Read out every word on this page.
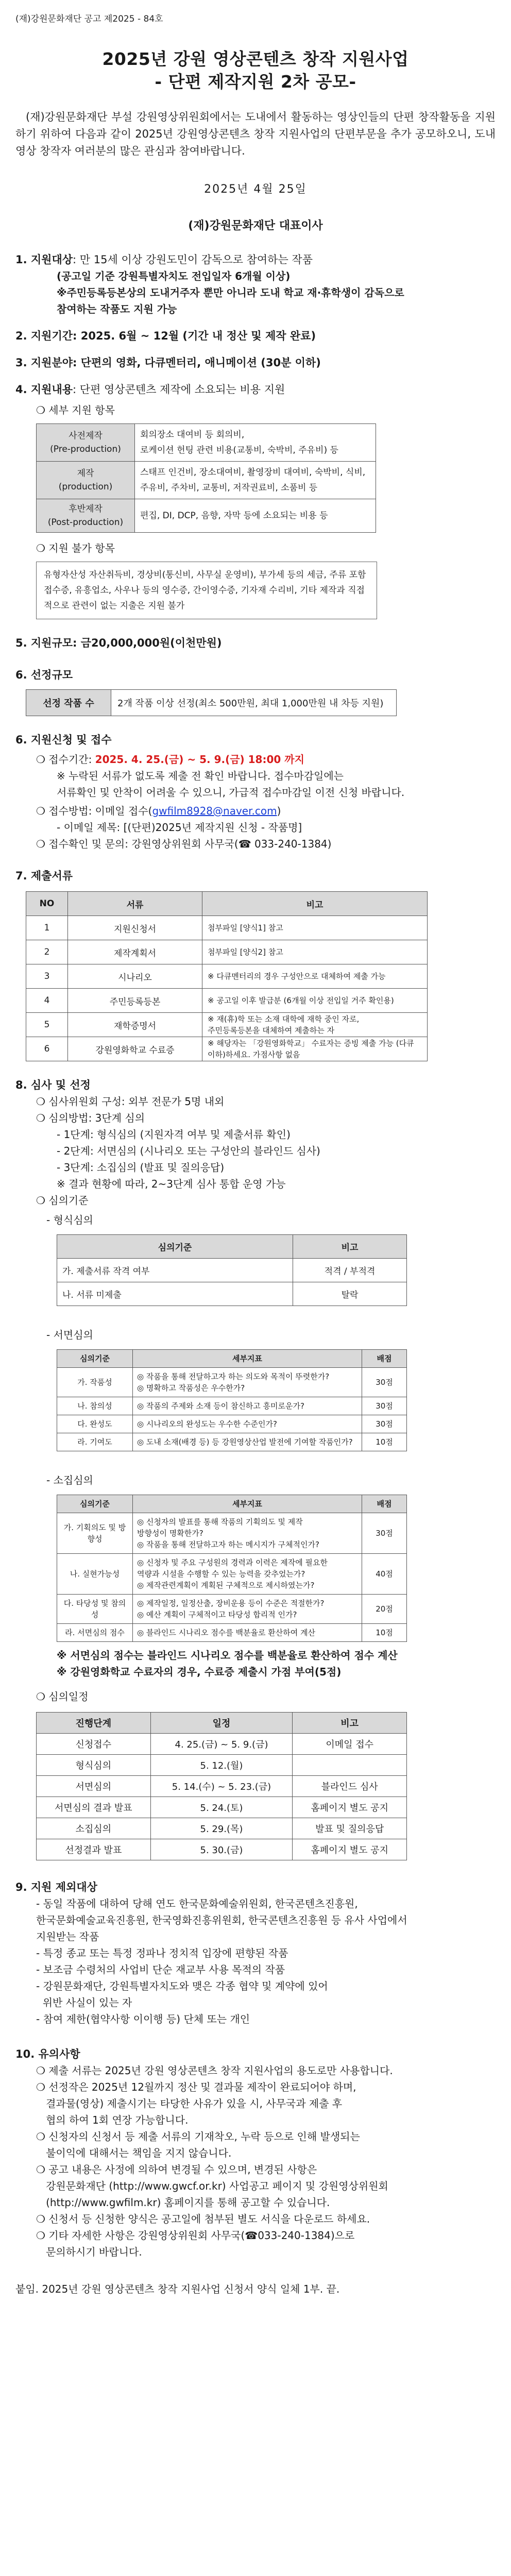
(재)강원문화재단 공고 제2025 - 84호
2025년 강원 영상콘텐츠 창작 지원사업
- 단편 제작지원 2차 공모-
(재)강원문화재단 부설 강원영상위원회에서는 도내에서 활동하는 영상인들의 단편 창작활동을 지원하기 위하여 다음과 같이 2025년 강원영상콘텐츠 창작 지원사업의 단편부문을 추가 공모하오니, 도내 영상 창작자 여러분의 많은 관심과 참여바랍니다.
2025년 4월 25일
(재)강원문화재단 대표이사
1. 지원대상: 만 15세 이상 강원도민이 감독으로 참여하는 작품
(공고일 기준 강원특별자치도 전입일자 6개월 이상)
※주민등록등본상의 도내거주자 뿐만 아니라 도내 학교 재·휴학생이 감독으로
참여하는 작품도 지원 가능
2. 지원기간: 2025. 6월 ~ 12월 (기간 내 정산 및 제작 완료)
3. 지원분야: 단편의 영화, 다큐멘터리, 애니메이션 (30분 이하)
4. 지원내용: 단편 영상콘텐츠 제작에 소요되는 비용 지원
❍ 세부 지원 항목
사전제작
(Pre-production)	회의장소 대여비 등 회의비,
로케이션 헌팅 관련 비용(교통비, 숙박비, 주유비) 등
제작
(production)	스태프 인건비, 장소대여비, 촬영장비 대여비, 숙박비, 식비,
주유비, 주차비, 교통비, 저작권료비, 소품비 등
후반제작
(Post-production)	편집, DI, DCP, 음향, 자막 등에 소요되는 비용 등
❍ 지원 불가 항목
유형자산성 자산취득비, 경상비(통신비, 사무실 운영비), 부가세 등의 세금, 주류 포함 접수증, 유흥업소, 사우나 등의 영수증, 간이영수증, 기자재 수리비, 기타 제작과 직접적으로 관련이 없는 지출은 지원 불가
5. 지원규모: 금20,000,000원(이천만원)
6. 선정규모
선정 작품 수	2개 작품 이상 선정(최소 500만원, 최대 1,000만원 내 차등 지원)
6. 지원신청 및 접수
❍ 접수기간: 2025. 4. 25.(금) ~ 5. 9.(금) 18:00 까지
※ 누락된 서류가 없도록 제출 전 확인 바랍니다. 접수마감일에는
서류확인 및 안착이 어려울 수 있으니, 가급적 접수마감일 이전 신청 바랍니다.
❍ 접수방법: 이메일 접수(gwfilm8928@naver.com)
- 이메일 제목: [(단편)2025년 제작지원 신청 - 작품명]
❍ 접수확인 및 문의: 강원영상위원회 사무국(☎ 033-240-1384)
7. 제출서류
NO	서류	비고
1	지원신청서	첨부파일 [양식1] 참고
2	제작계획서	첨부파일 [양식2] 참고
3	시나리오	※ 다큐멘터리의 경우 구성안으로 대체하여 제출 가능
4	주민등록등본	※ 공고일 이후 발급분 (6개월 이상 전입일 거주 확인용)
5	재학증명서	※ 재(휴)학 또는 소재 대학에 재학 중인 자로,
주민등록등본을 대체하여 제출하는 자
6	강원영화학교 수료증	※ 해당자는 「강원영화학교」 수료자는 증빙 제출 가능 (다큐
이하)하세요. 가점사항 없음
8. 심사 및 선정
❍ 심사위원회 구성: 외부 전문가 5명 내외
❍ 심의방법: 3단계 심의
- 1단계: 형식심의 (지원자격 여부 및 제출서류 확인)
- 2단계: 서면심의 (시나리오 또는 구성안의 블라인드 심사)
- 3단계: 소집심의 (발표 및 질의응답)
※ 결과 현황에 따라, 2~3단계 심사 통합 운영 가능
❍ 심의기준
- 형식심의
심의기준	비고
가. 제출서류 작격 여부	적격 / 부적격
나. 서류 미제출	탈락
- 서면심의
심의기준	세부지표	배점
가. 작품성	◎ 작품을 통해 전달하고자 하는 의도와 목적이 뚜렷한가?
◎ 명확하고 작품성은 우수한가?	30점
나. 참의성	◎ 작품의 주제와 소재 등이 참신하고 흥미로운가?	30점
다. 완성도	◎ 시나리오의 완성도는 우수한 수준인가?	30점
라. 기여도	◎ 도내 소재(배경 등) 등 강원영상산업 발전에 기여할 작품인가?	10점
- 소집심의
심의기준	세부지표	배점
가. 기획의도 및 방향성	◎ 신청자의 발표를 통해 작품의 기획의도 및 제작
방향성이 명확한가?
◎ 작품을 통해 전달하고자 하는 메시지가 구체적인가?	30점
나. 실현가능성	◎ 신청자 및 주요 구성원의 경력과 이력은 제작에 필요한
역량과 시설을 수행할 수 있는 능력을 갖추었는가?
◎ 제작관련계획이 계획된 구체적으로 제시하였는가?	40점
다. 타당성 및 참의성	◎ 제작일정, 일정산출, 장비운용 등이 수준은 적절한가?
◎ 예산 계획이 구체적이고 타당성 합리적 인가?	20점
라. 서면심의 점수	◎ 블라인드 시나리오 점수를 백분율로 환산하여 계산	10점
※ 서면심의 점수는 블라인드 시나리오 점수를 백분율로 환산하여 점수 계산
※ 강원영화학교 수료자의 경우, 수료증 제출시 가점 부여(5점)
❍ 심의일정
진행단계	일정	비고
신청접수	4. 25.(금) ~ 5. 9.(금)	이메일 접수
형식심의	5. 12.(월)	
서면심의	5. 14.(수) ~ 5. 23.(금)	블라인드 심사
서면심의 결과 발표	5. 24.(토)	홈페이지 별도 공지
소집심의	5. 29.(목)	발표 및 질의응답
선정결과 발표	5. 30.(금)	홈페이지 별도 공지
9. 지원 제외대상
- 동일 작품에 대하여 당해 연도 한국문화예술위원회, 한국콘텐츠진흥원,
한국문화예술교육진흥원, 한국영화진흥위원회, 한국콘텐츠진흥원 등 유사 사업에서
지원받는 작품
- 특정 종교 또는 특정 정파나 정치적 입장에 편향된 작품
- 보조금 수령처의 사업비 단순 재교부 사용 목적의 작품
- 강원문화재단, 강원특별자치도와 맺은 각종 협약 및 계약에 있어
위반 사실이 있는 자
- 참여 제한(협약사항 이이행 등) 단체 또는 개인
10. 유의사항
❍ 제출 서류는 2025년 강원 영상콘텐츠 창작 지원사업의 용도로만 사용합니다.
❍ 선정작은 2025년 12월까지 정산 및 결과물 제작이 완료되어야 하며,
결과물(영상) 제출시기는 타당한 사유가 있을 시, 사무국과 제출 후
협의 하여 1회 연장 가능합니다.
❍ 신청자의 신청서 등 제출 서류의 기재착오, 누락 등으로 인해 발생되는
불이익에 대해서는 책임을 지지 않습니다.
❍ 공고 내용은 사정에 의하여 변경될 수 있으며, 변경된 사항은
강원문화재단 (http://www.gwcf.or.kr) 사업공고 페이지 및 강원영상위원회
(http://www.gwfilm.kr) 홈페이지를 통해 공고할 수 있습니다.
❍ 신청서 등 신청한 양식은 공고일에 첨부된 별도 서식을 다운로드 하세요.
❍ 기타 자세한 사항은 강원영상위원회 사무국(☎033-240-1384)으로
문의하시기 바랍니다.
붙임. 2025년 강원 영상콘텐츠 창작 지원사업 신청서 양식 일체 1부. 끝.
